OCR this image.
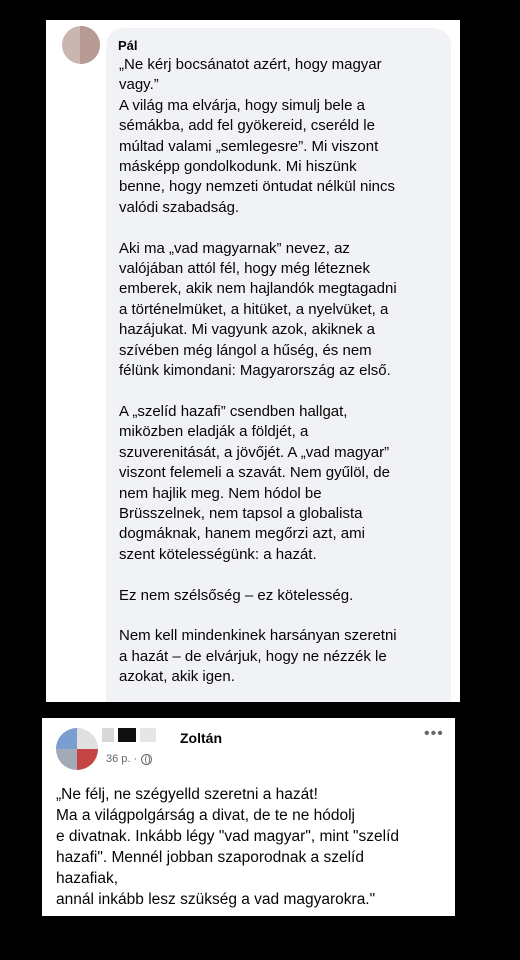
Pál

„Ne kérj bocsánatot azért, hogy magyar
vagy.”
A világ ma elvárja, hogy simulj bele a
sémákba, add fel gyökereid, cseréld le
múltad valami „semlegesre”. Mi viszont
másképp gondolkodunk. Mi hiszünk
benne, hogy nemzeti öntudat nélkül nincs
valódi szabadság.

Aki ma „vad magyarnak” nevez, az
valójában attól fél, hogy még léteznek
emberek, akik nem hajlandók megtagadni
a történelmüket, a hitüket, a nyelvüket, a
hazájukat. Mi vagyunk azok, akiknek a
szívében még lángol a hűség, és nem
félünk kimondani: Magyarország az első.

A „szelíd hazafi” csendben hallgat,
miközben eladják a földjét, a
szuverenitását, a jövőjét. A „vad magyar”
viszont felemeli a szavát. Nem gyűlöl, de
nem hajlik meg. Nem hódol be
Brüsszelnek, nem tapsol a globalista
dogmáknak, hanem megőrzi azt, ami
szent kötelességünk: a hazát.

Ez nem szélsőség – ez kötelesség.

Nem kell mindenkinek harsányan szeretni
a hazát – de elvárjuk, hogy ne nézzék le
azokat, akik igen.

Zoltán
36 p. ·
•••
„Ne félj, ne szégyelld szeretni a hazát!
Ma a világpolgárság a divat, de te ne hódolj
e divatnak. Inkább légy "vad magyar", mint "szelíd
hazafi". Mennél jobban szaporodnak a szelíd
hazafiak,
annál inkább lesz szükség a vad magyarokra."
